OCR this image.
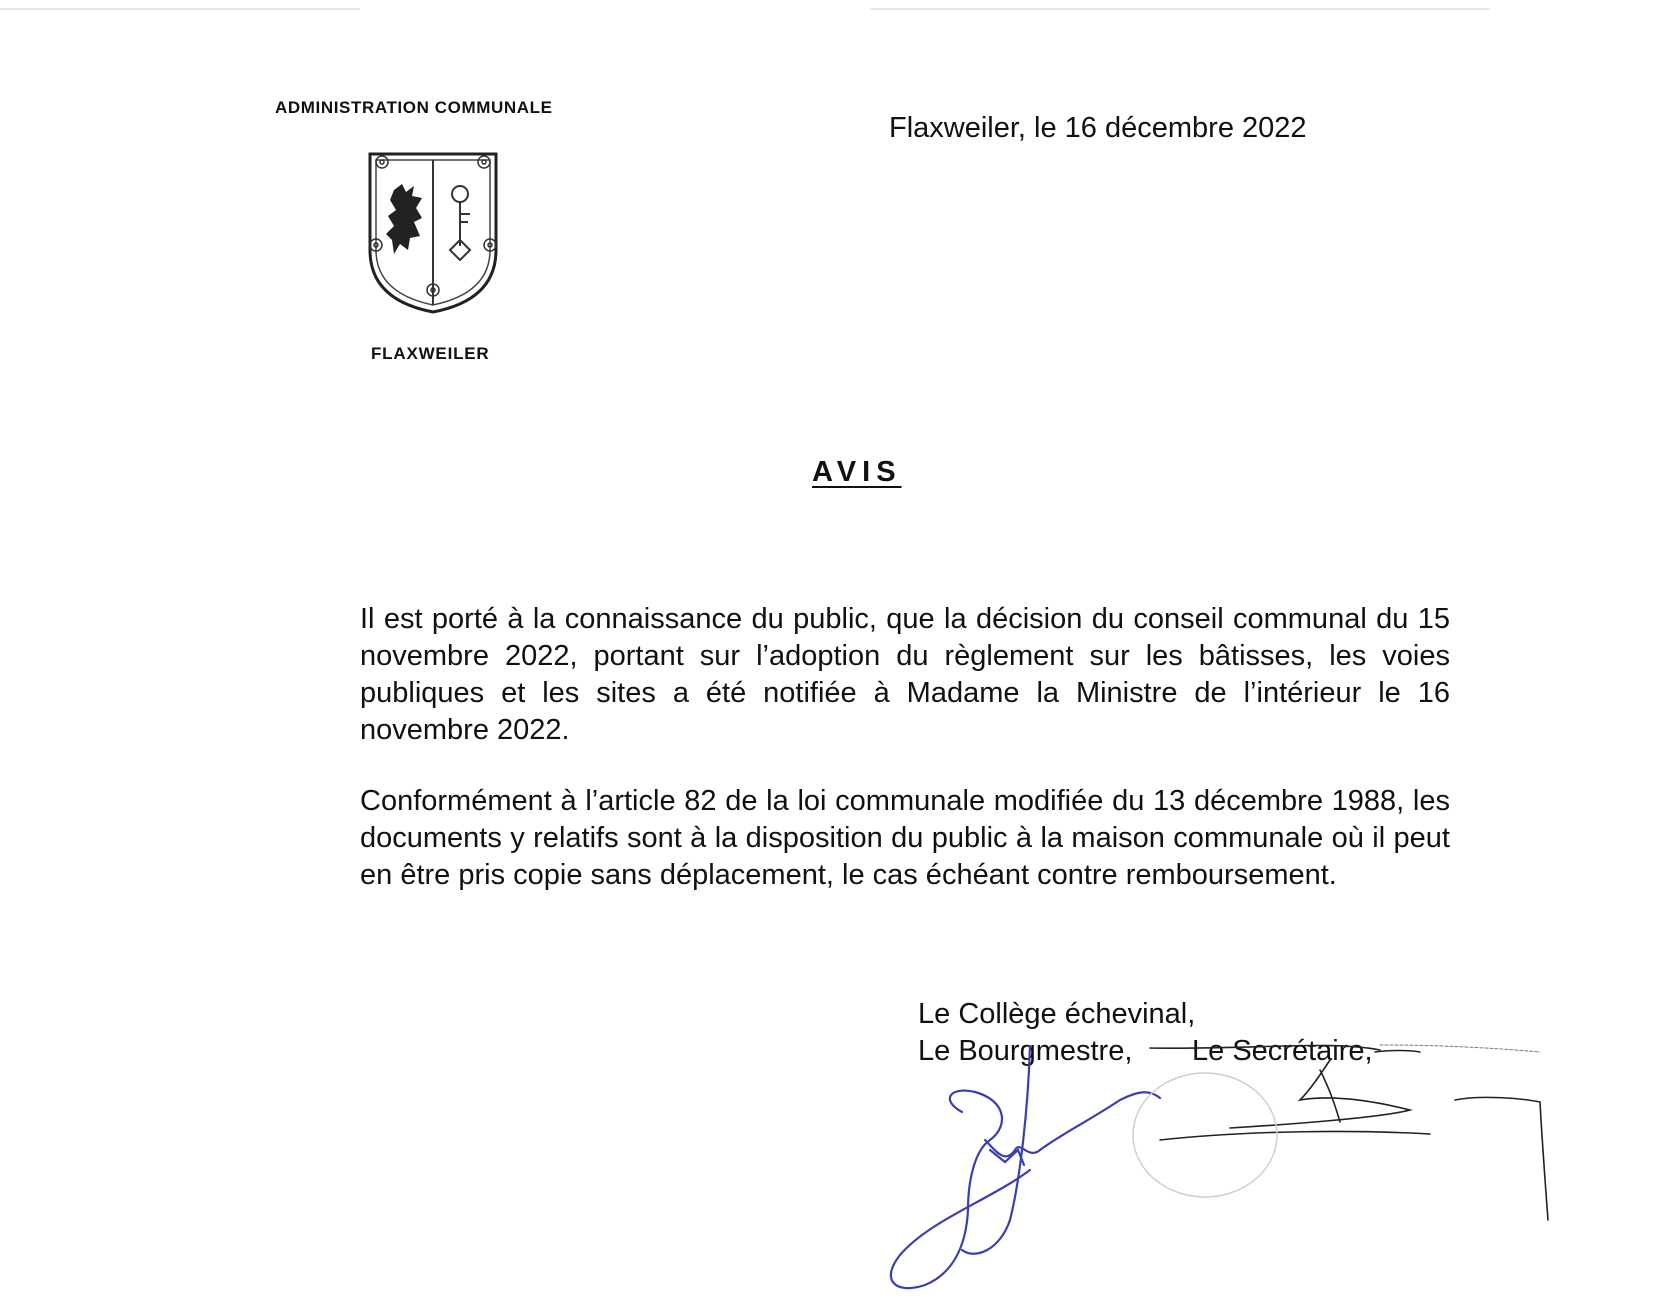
ADMINISTRATION COMMUNALE
FLAXWEILER
Flaxweiler, le 16 décembre 2022
AVIS

Il est porté à la connaissance du public, que la décision du conseil communal du 15 novembre 2022, portant sur l’adoption du règlement sur les bâtisses, les voies publiques et les sites a été notifiée à Madame la Ministre de l’intérieur le 16 novembre 2022.

Conformément à l’article 82 de la loi communale modifiée du 13 décembre 1988, les documents y relatifs sont à la disposition du public à la maison communale où il peut en être pris copie sans déplacement, le cas échéant contre remboursement.

Le Collège échevinal,
Le Bourgmestre, Le Secrétaire,
